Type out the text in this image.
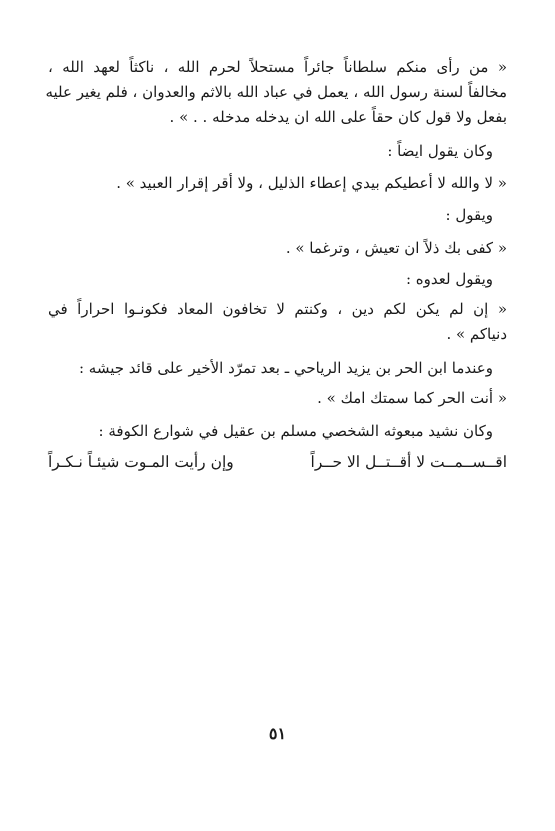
« من رأى منكم سلطاناً جائراً مستحلاً لحرم الله ، ناكثاً لعهد الله ،
مخالفاً لسنة رسول الله ، يعمل في عباد الله بالاثم والعدوان ، فلم يغير عليه
بفعل ولا قول كان حقاً على الله ان يدخله مدخله . . » .
وكان يقول ايضاً :
« لا والله لا أعطيكم بيدي إعطاء الذليل ، ولا أقر إقرار العبيد » .
ويقول :
« كفى بك ذلاً ان تعيش ، وترغما » .
ويقول لعدوه :
« إن لم يكن لكم دين ، وكنتم لا تخافون المعاد فكونـوا احراراً في
دنياكم » .
وعندما ابن الحر بن يزيد الرياحي ـ بعد تمرّد الأخير على قائد جيشه :
« أنت الحر كما سمتك امك » .
وكان نشيد مبعوثه الشخصي مسلم بن عقيل في شوارع الكوفة :
اقــســمــت لا أقــتــل الا حــراً
وإن رأيت المـوت شيئـاً نـكـراً
٥١
